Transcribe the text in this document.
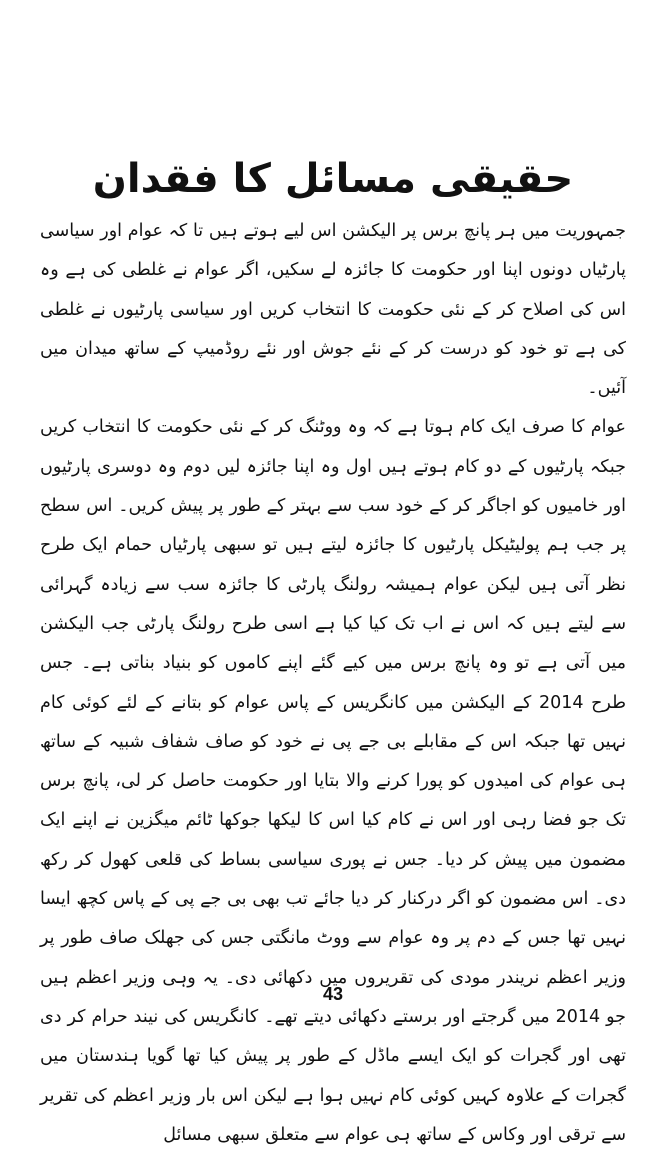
حقیقی مسائل کا فقدان

جمہوریت میں ہر پانچ برس پر الیکشن اس لیے ہوتے ہیں تا کہ عوام اور سیاسی پارٹیاں دونوں اپنا اور حکومت کا جائزہ لے سکیں، اگر عوام نے غلطی کی ہے وہ اس کی اصلاح کر کے نئی حکومت کا انتخاب کریں اور سیاسی پارٹیوں نے غلطی کی ہے تو خود کو درست کر کے نئے جوش اور نئے روڈمیپ کے ساتھ میدان میں آئیں۔

عوام کا صرف ایک کام ہوتا ہے کہ وہ ووٹنگ کر کے نئی حکومت کا انتخاب کریں جبکہ پارٹیوں کے دو کام ہوتے ہیں اول وہ اپنا جائزہ لیں دوم وہ دوسری پارٹیوں اور خامیوں کو اجاگر کر کے خود سب سے بہتر کے طور پر پیش کریں۔ اس سطح پر جب ہم پولیٹیکل پارٹیوں کا جائزہ لیتے ہیں تو سبھی پارٹیاں حمام ایک طرح نظر آتی ہیں لیکن عوام ہمیشہ رولنگ پارٹی کا جائزہ سب سے زیادہ گہرائی سے لیتے ہیں کہ اس نے اب تک کیا کیا ہے اسی طرح رولنگ پارٹی جب الیکشن میں آتی ہے تو وہ پانچ برس میں کیے گئے اپنے کاموں کو بنیاد بناتی ہے۔ جس طرح 2014 کے الیکشن میں کانگریس کے پاس عوام کو بتانے کے لئے کوئی کام نہیں تھا جبکہ اس کے مقابلے بی جے پی نے خود کو صاف شفاف شبیہ کے ساتھ ہی عوام کی امیدوں کو پورا کرنے والا بتایا اور حکومت حاصل کر لی، پانچ برس تک جو فضا رہی اور اس نے کام کیا اس کا لیکھا جوکھا ٹائم میگزین نے اپنے ایک مضمون میں پیش کر دیا۔ جس نے پوری سیاسی بساط کی قلعی کھول کر رکھ دی۔ اس مضمون کو اگر درکنار کر دیا جائے تب بھی بی جے پی کے پاس کچھ ایسا نہیں تھا جس کے دم پر وہ عوام سے ووٹ مانگتی جس کی جھلک صاف طور پر وزیر اعظم نریندر مودی کی تقریروں میں دکھائی دی۔ یہ وہی وزیر اعظم ہیں جو 2014 میں گرجتے اور برستے دکھائی دیتے تھے۔ کانگریس کی نیند حرام کر دی تھی اور گجرات کو ایک ایسے ماڈل کے طور پر پیش کیا تھا گویا ہندستان میں گجرات کے علاوہ کہیں کوئی کام نہیں ہوا ہے لیکن اس بار وزیر اعظم کی تقریر سے ترقی اور وکاس کے ساتھ ہی عوام سے متعلق سبھی مسائل

43
